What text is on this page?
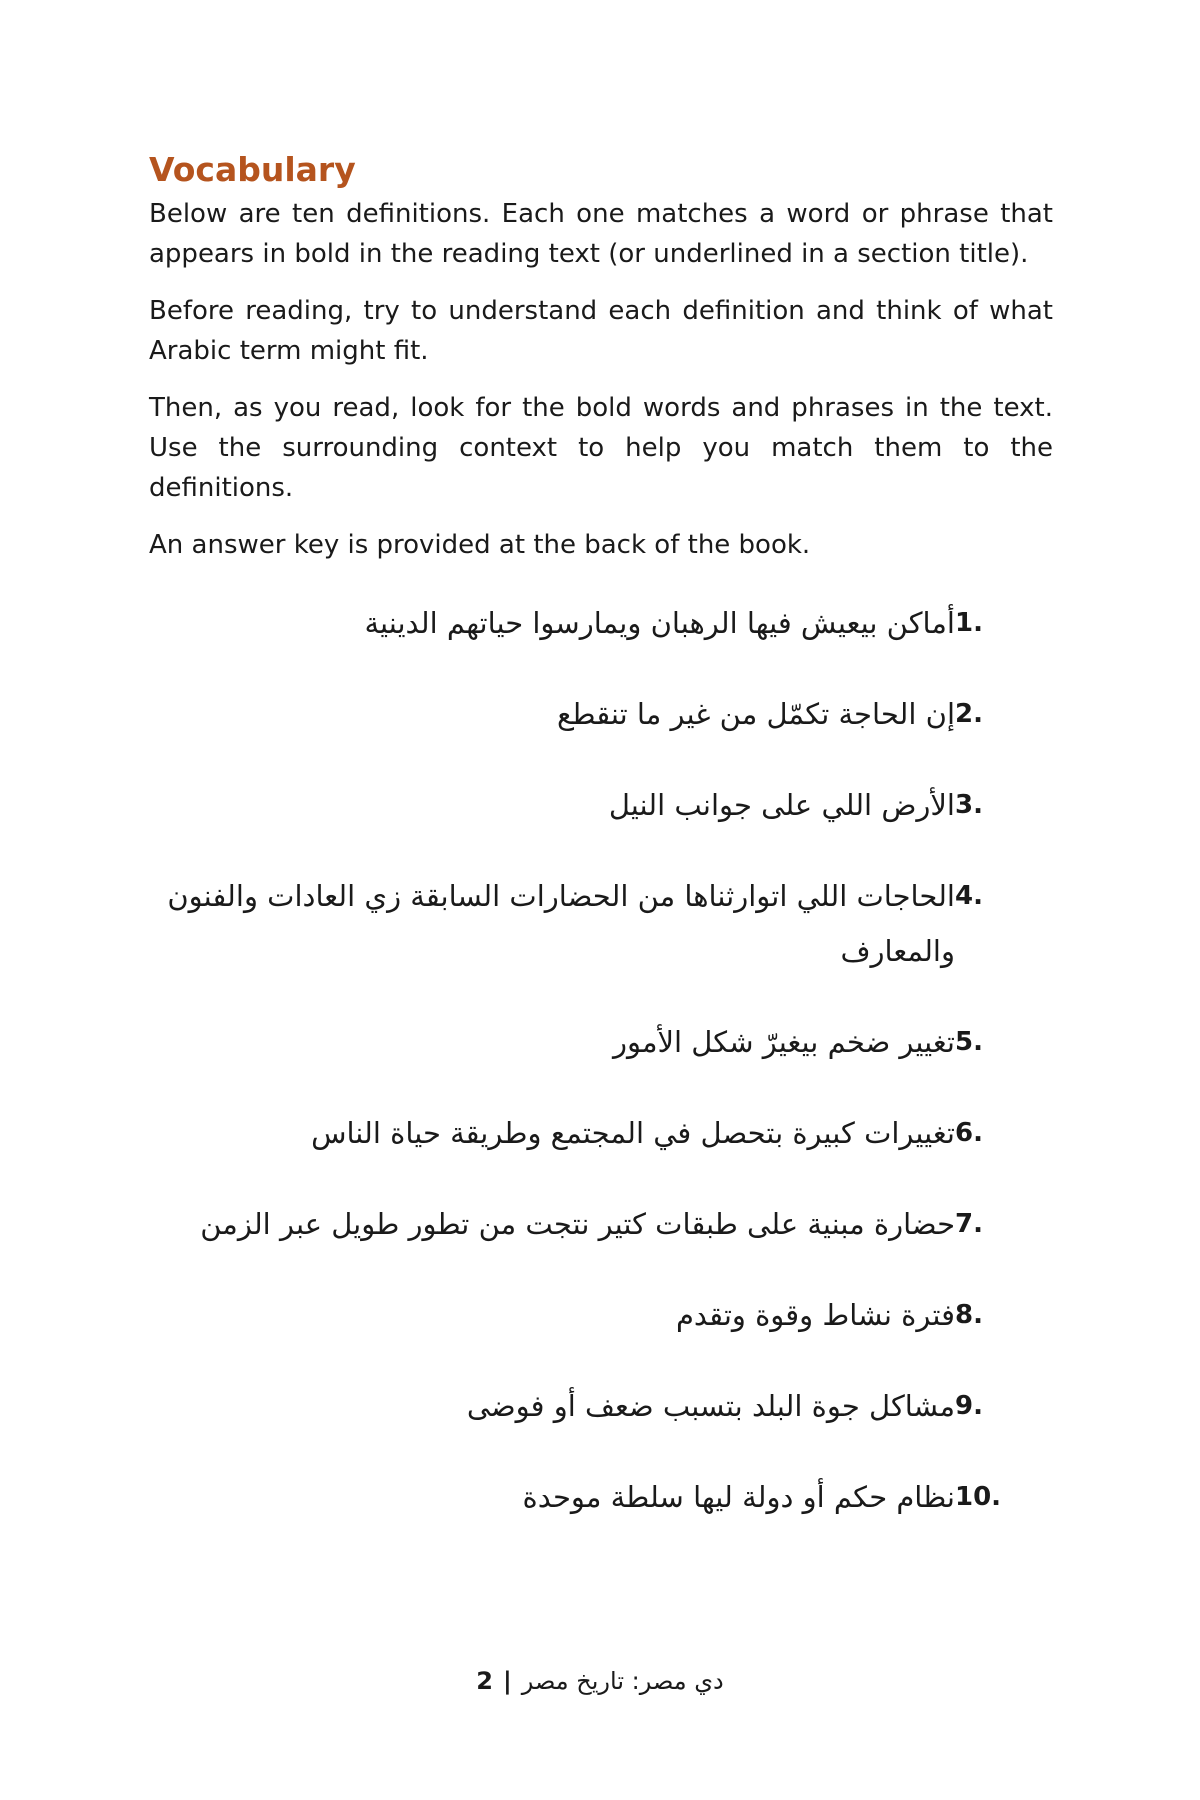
Vocabulary

Below are ten definitions. Each one matches a word or phrase that appears in bold in the reading text (or underlined in a section title).

Before reading, try to understand each definition and think of what Arabic term might fit.

Then, as you read, look for the bold words and phrases in the text. Use the surrounding context to help you match them to the definitions.

An answer key is provided at the back of the book.

1.
أماكن بيعيش فيها الرهبان ويمارسوا حياتهم الدينية
2.
إن الحاجة تكمّل من غير ما تنقطع
3.
الأرض اللي على جوانب النيل
4.
الحاجات اللي اتوارثناها من الحضارات السابقة زي العادات والفنون والمعارف
5.
تغيير ضخم بيغيرّ شكل الأمور
6.
تغييرات كبيرة بتحصل في المجتمع وطريقة حياة الناس
7.
حضارة مبنية على طبقات كتير نتجت من تطور طويل عبر الزمن
8.
فترة نشاط وقوة وتقدم
9.
مشاكل جوة البلد بتسبب ضعف أو فوضى
10.
نظام حكم أو دولة ليها سلطة موحدة
2 | دي مصر: تاريخ مصر
